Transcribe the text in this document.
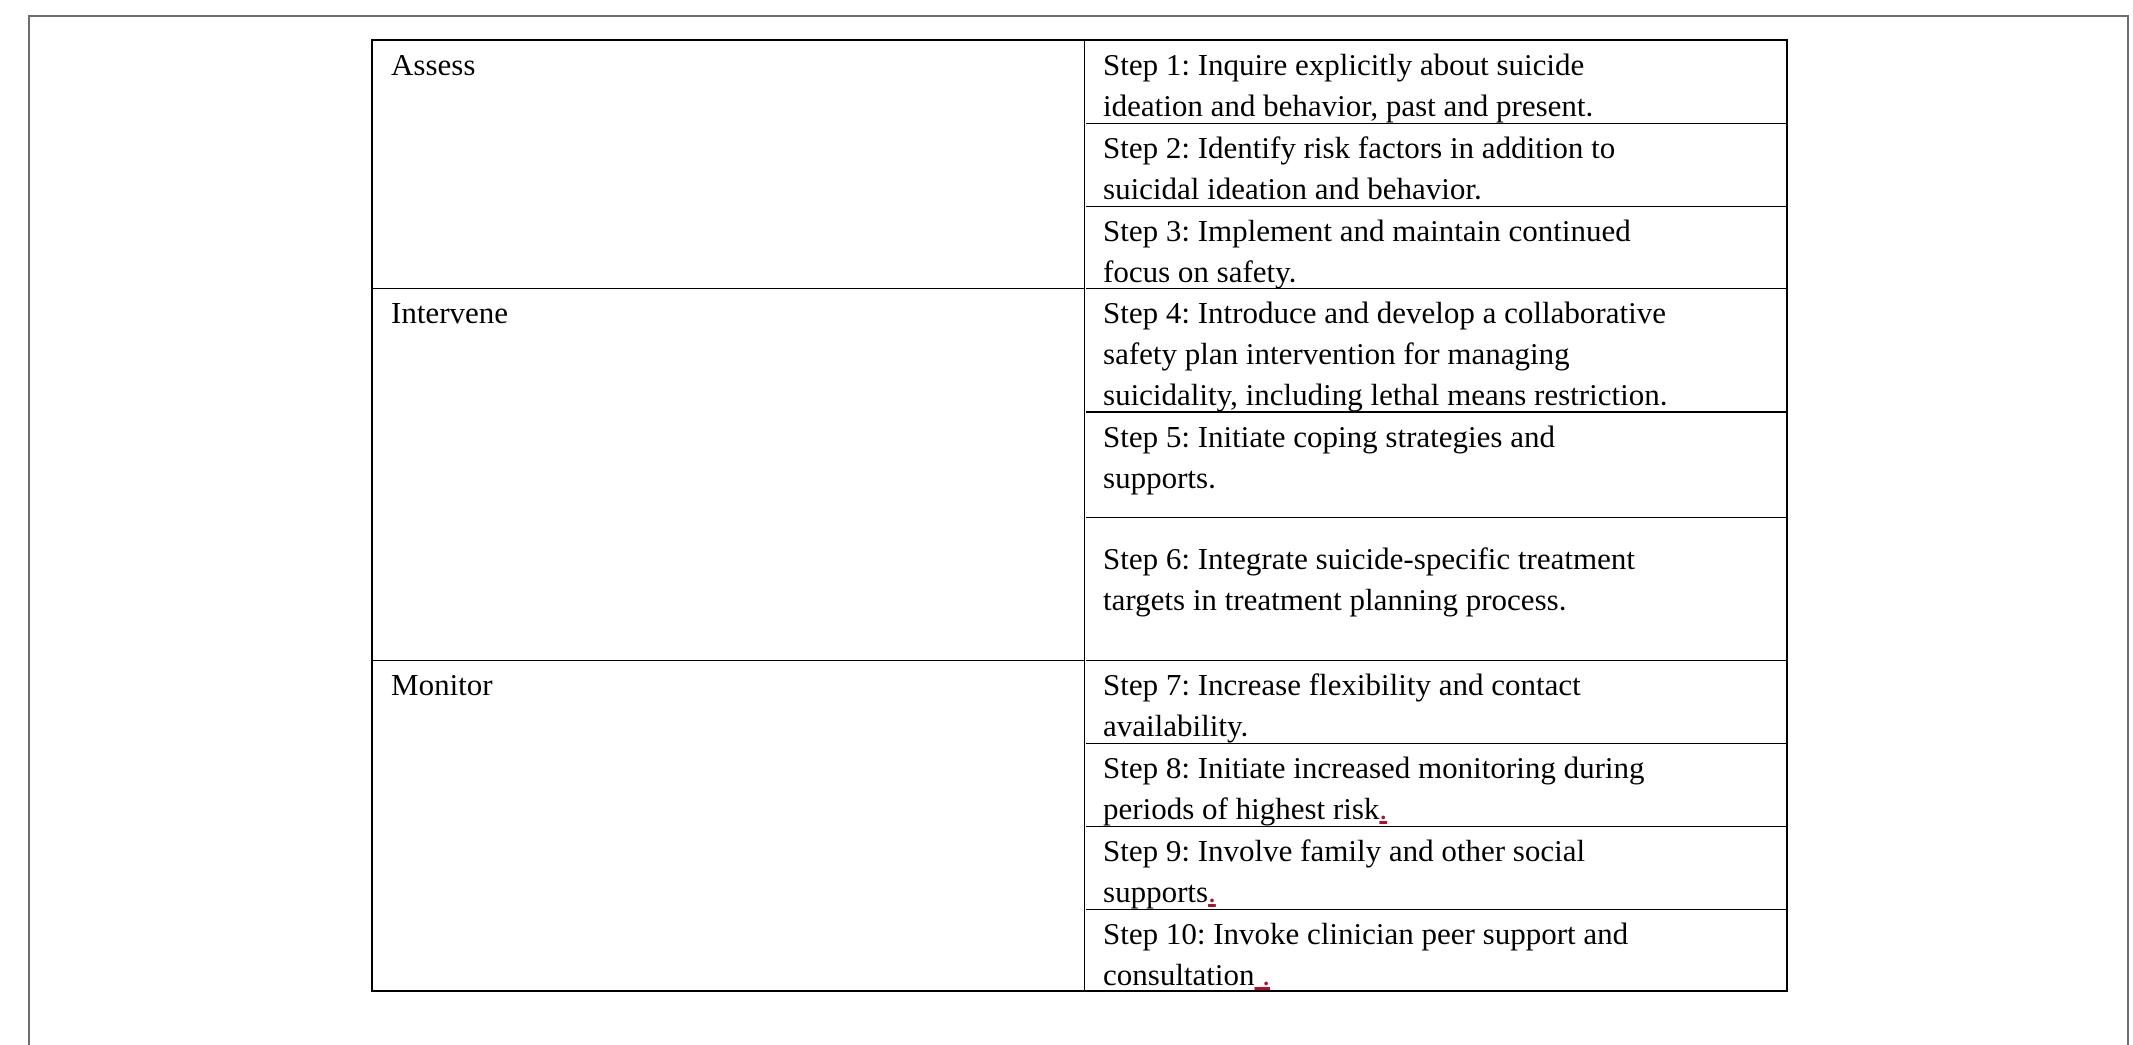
Assess
Intervene
Monitor
Step 1: Inquire explicitly about suicide
ideation and behavior, past and present.
Step 2: Identify risk factors in addition to
suicidal ideation and behavior.
Step 3: Implement and maintain continued
focus on safety.
Step 4: Introduce and develop a collaborative
safety plan intervention for managing
suicidality, including lethal means restriction.
Step 5: Initiate coping strategies and
supports.
Step 6: Integrate suicide-specific treatment
targets in treatment planning process.
Step 7: Increase flexibility and contact
availability.
Step 8: Initiate increased monitoring during
periods of highest risk.
Step 9: Involve family and other social
supports.
Step 10: Invoke clinician peer support and
consultation .
